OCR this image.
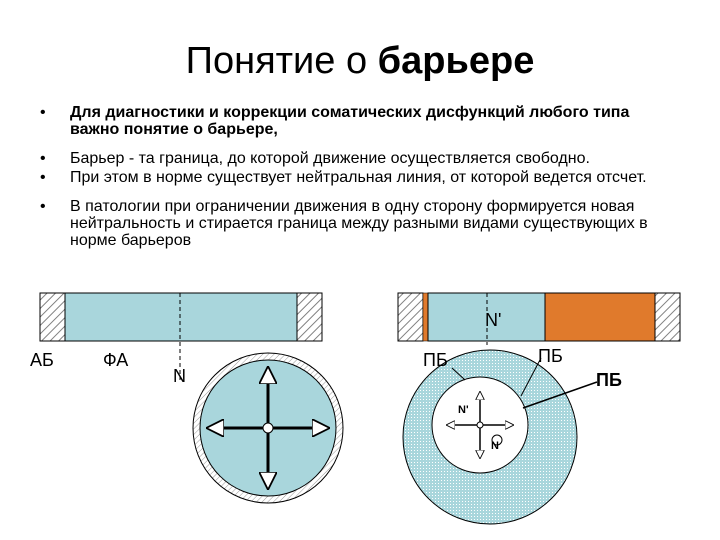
Понятие о барьере
•	Для диагностики и коррекции соматических дисфункций любого типа важно понятие о барьере,
•	Барьер - та граница, до которой движение осуществляется свободно.
•	При этом в норме существует нейтральная линия, от которой ведется отсчет.
•	В патологии при ограничении движения в одну сторону формируется новая нейтральность и стирается граница между разными видами существующих в норме барьеров
АБ	ФА
N
N'
ПБ	ПБ
ПБ
N'
N
